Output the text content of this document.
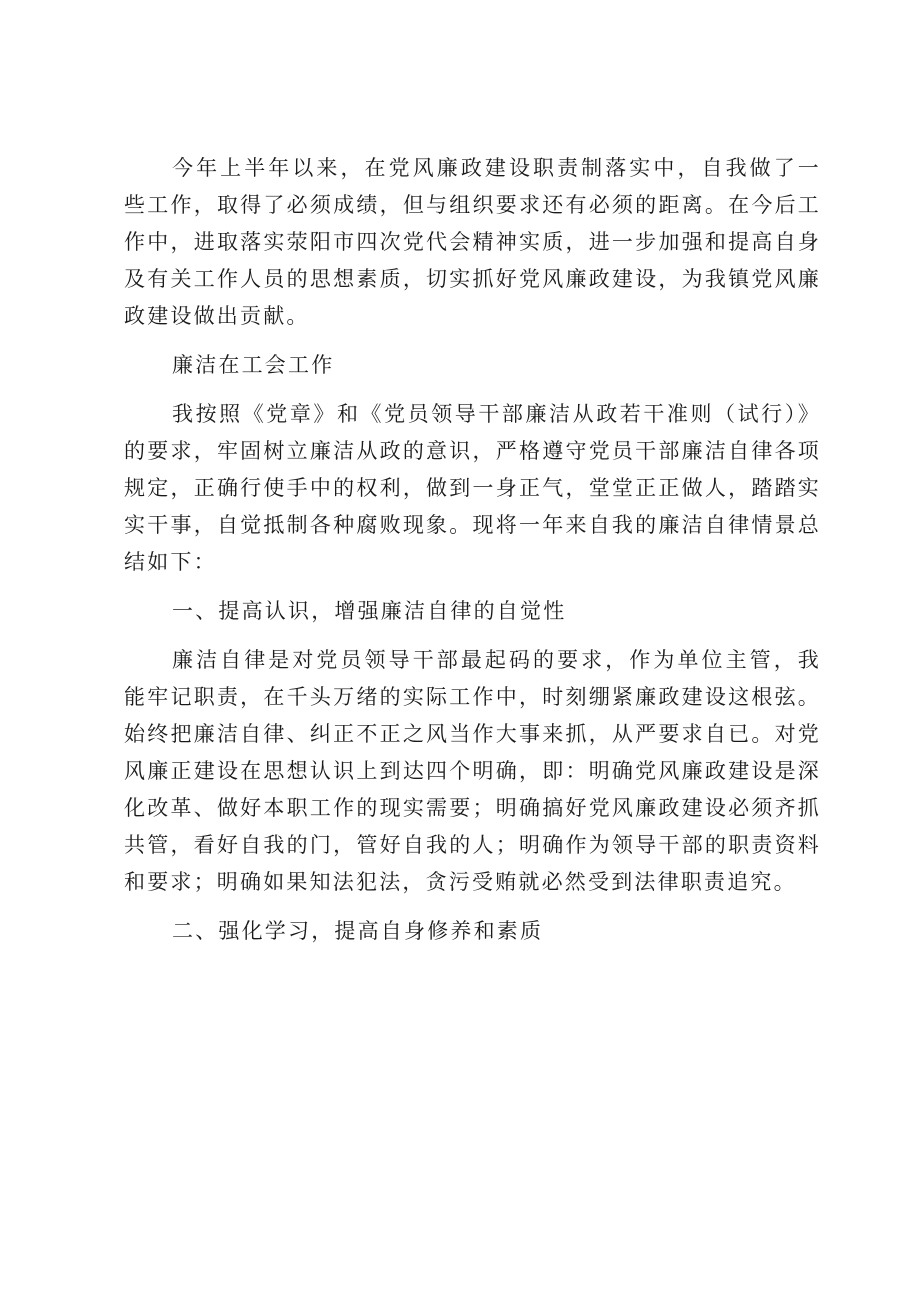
今年上半年以来，在党风廉政建设职责制落实中，自我做了一些工作，取得了必须成绩，但与组织要求还有必须的距离。在今后工作中，进取落实荥阳市四次党代会精神实质，进一步加强和提高自身及有关工作人员的思想素质，切实抓好党风廉政建设，为我镇党风廉政建设做出贡献。

廉洁在工会工作

我按照《党章》和《党员领导干部廉洁从政若干准则（试行）》的要求，牢固树立廉洁从政的意识，严格遵守党员干部廉洁自律各项规定，正确行使手中的权利，做到一身正气，堂堂正正做人，踏踏实实干事，自觉抵制各种腐败现象。现将一年来自我的廉洁自律情景总结如下：

一、提高认识，增强廉洁自律的自觉性

廉洁自律是对党员领导干部最起码的要求，作为单位主管，我能牢记职责，在千头万绪的实际工作中，时刻绷紧廉政建设这根弦。始终把廉洁自律、纠正不正之风当作大事来抓，从严要求自已。对党风廉正建设在思想认识上到达四个明确，即：明确党风廉政建设是深化改革、做好本职工作的现实需要；明确搞好党风廉政建设必须齐抓共管，看好自我的门，管好自我的人；明确作为领导干部的职责资料和要求；明确如果知法犯法，贪污受贿就必然受到法律职责追究。

二、强化学习，提高自身修养和素质
